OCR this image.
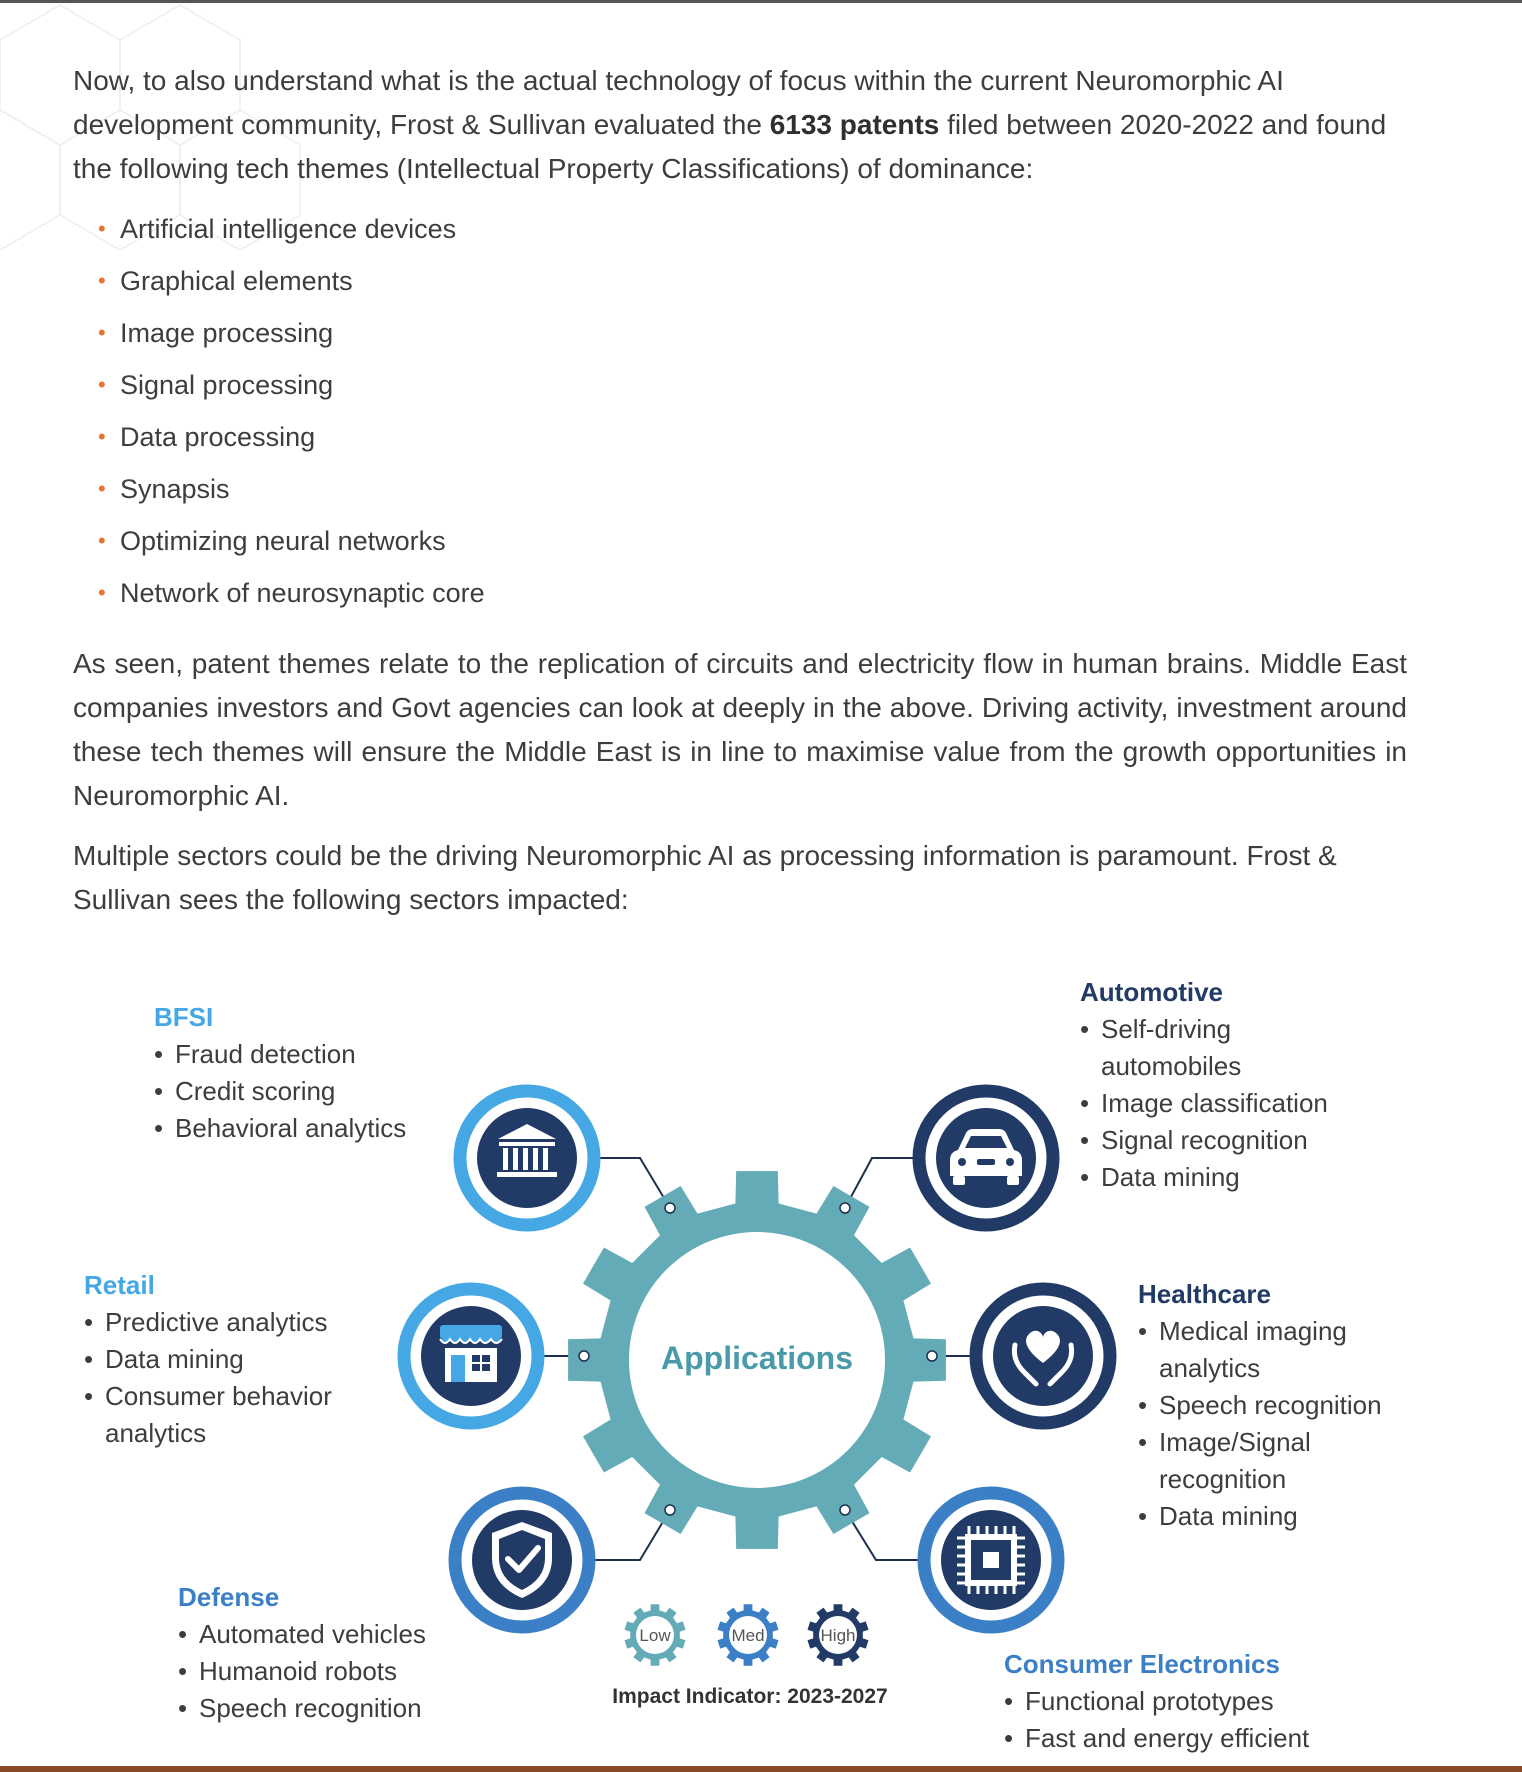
Now, to also understand what is the actual technology of focus within the current Neuromorphic AI development community, Frost & Sullivan evaluated the 6133 patents filed between 2020-2022 and found the following tech themes (Intellectual Property Classifications) of dominance:
• Artificial intelligence devices
• Graphical elements
• Image processing
• Signal processing
• Data processing
• Synapsis
• Optimizing neural networks
• Network of neurosynaptic core
As seen, patent themes relate to the replication of circuits and electricity flow in human brains. Middle East companies investors and Govt agencies can look at deeply in the above. Driving activity, investment around these tech themes will ensure the Middle East is in line to maximise value from the growth opportunities in Neuromorphic AI.
Multiple sectors could be the driving Neuromorphic AI as processing information is paramount. Frost & Sullivan sees the following sectors impacted:
Applications
Low	Med	High
BFSI
• Fraud detection
• Credit scoring
• Behavioral analytics
Retail
• Predictive analytics
• Data mining
• Consumer behavior analytics
Defense
• Automated vehicles
• Humanoid robots
• Speech recognition
Automotive
• Self-driving automobiles
• Image classification
• Signal recognition
• Data mining
Healthcare
• Medical imaging analytics
• Speech recognition
• Image/Signal recognition
• Data mining
Consumer Electronics
• Functional prototypes
• Fast and energy efficient
Impact Indicator: 2023-2027
